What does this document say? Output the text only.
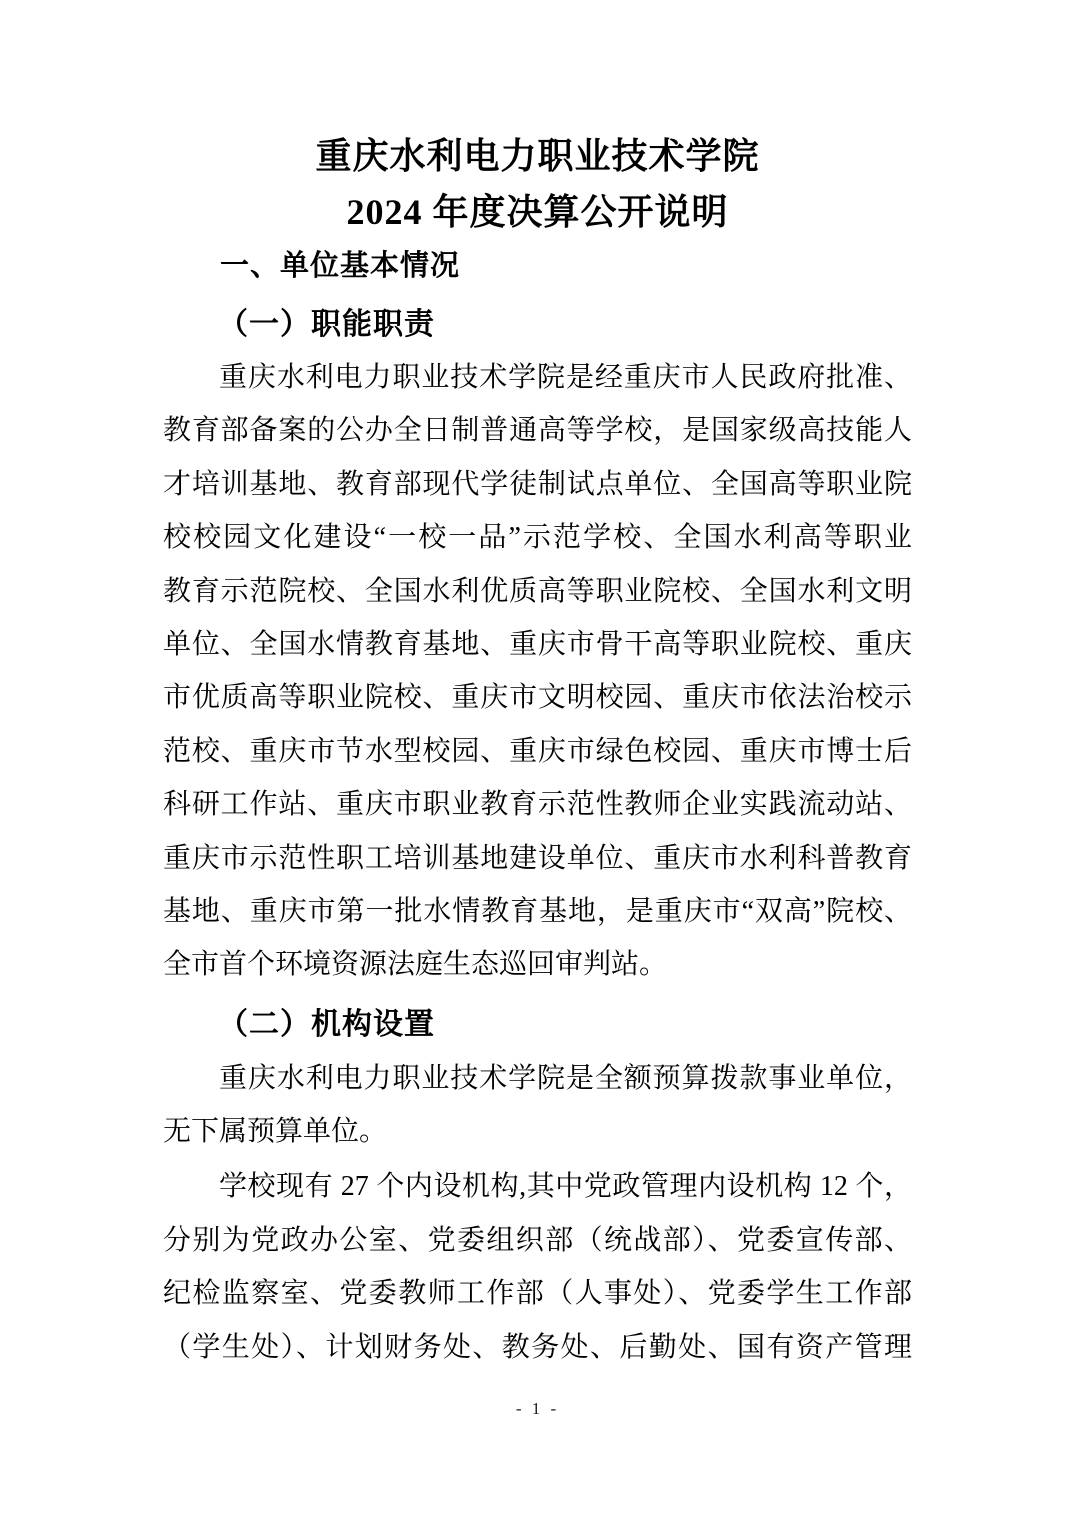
重庆水利电力职业技术学院
2024 年度决算公开说明
一、单位基本情况
（一）职能职责
重庆水利电力职业技术学院是经重庆市人民政府批准、
教育部备案的公办全日制普通高等学校，是国家级高技能人
才培训基地、教育部现代学徒制试点单位、全国高等职业院
校校园文化建设“一校一品”示范学校、全国水利高等职业
教育示范院校、全国水利优质高等职业院校、全国水利文明
单位、全国水情教育基地、重庆市骨干高等职业院校、重庆
市优质高等职业院校、重庆市文明校园、重庆市依法治校示
范校、重庆市节水型校园、重庆市绿色校园、重庆市博士后
科研工作站、重庆市职业教育示范性教师企业实践流动站、
重庆市示范性职工培训基地建设单位、重庆市水利科普教育
基地、重庆市第一批水情教育基地，是重庆市“双高”院校、
全市首个环境资源法庭生态巡回审判站。
（二）机构设置
重庆水利电力职业技术学院是全额预算拨款事业单位，
无下属预算单位。
学校现有 27 个内设机构,其中党政管理内设机构 12 个，
分别为党政办公室、党委组织部（统战部）、党委宣传部、
纪检监察室、党委教师工作部（人事处）、党委学生工作部
（学生处）、计划财务处、教务处、后勤处、国有资产管理
- 1 -
